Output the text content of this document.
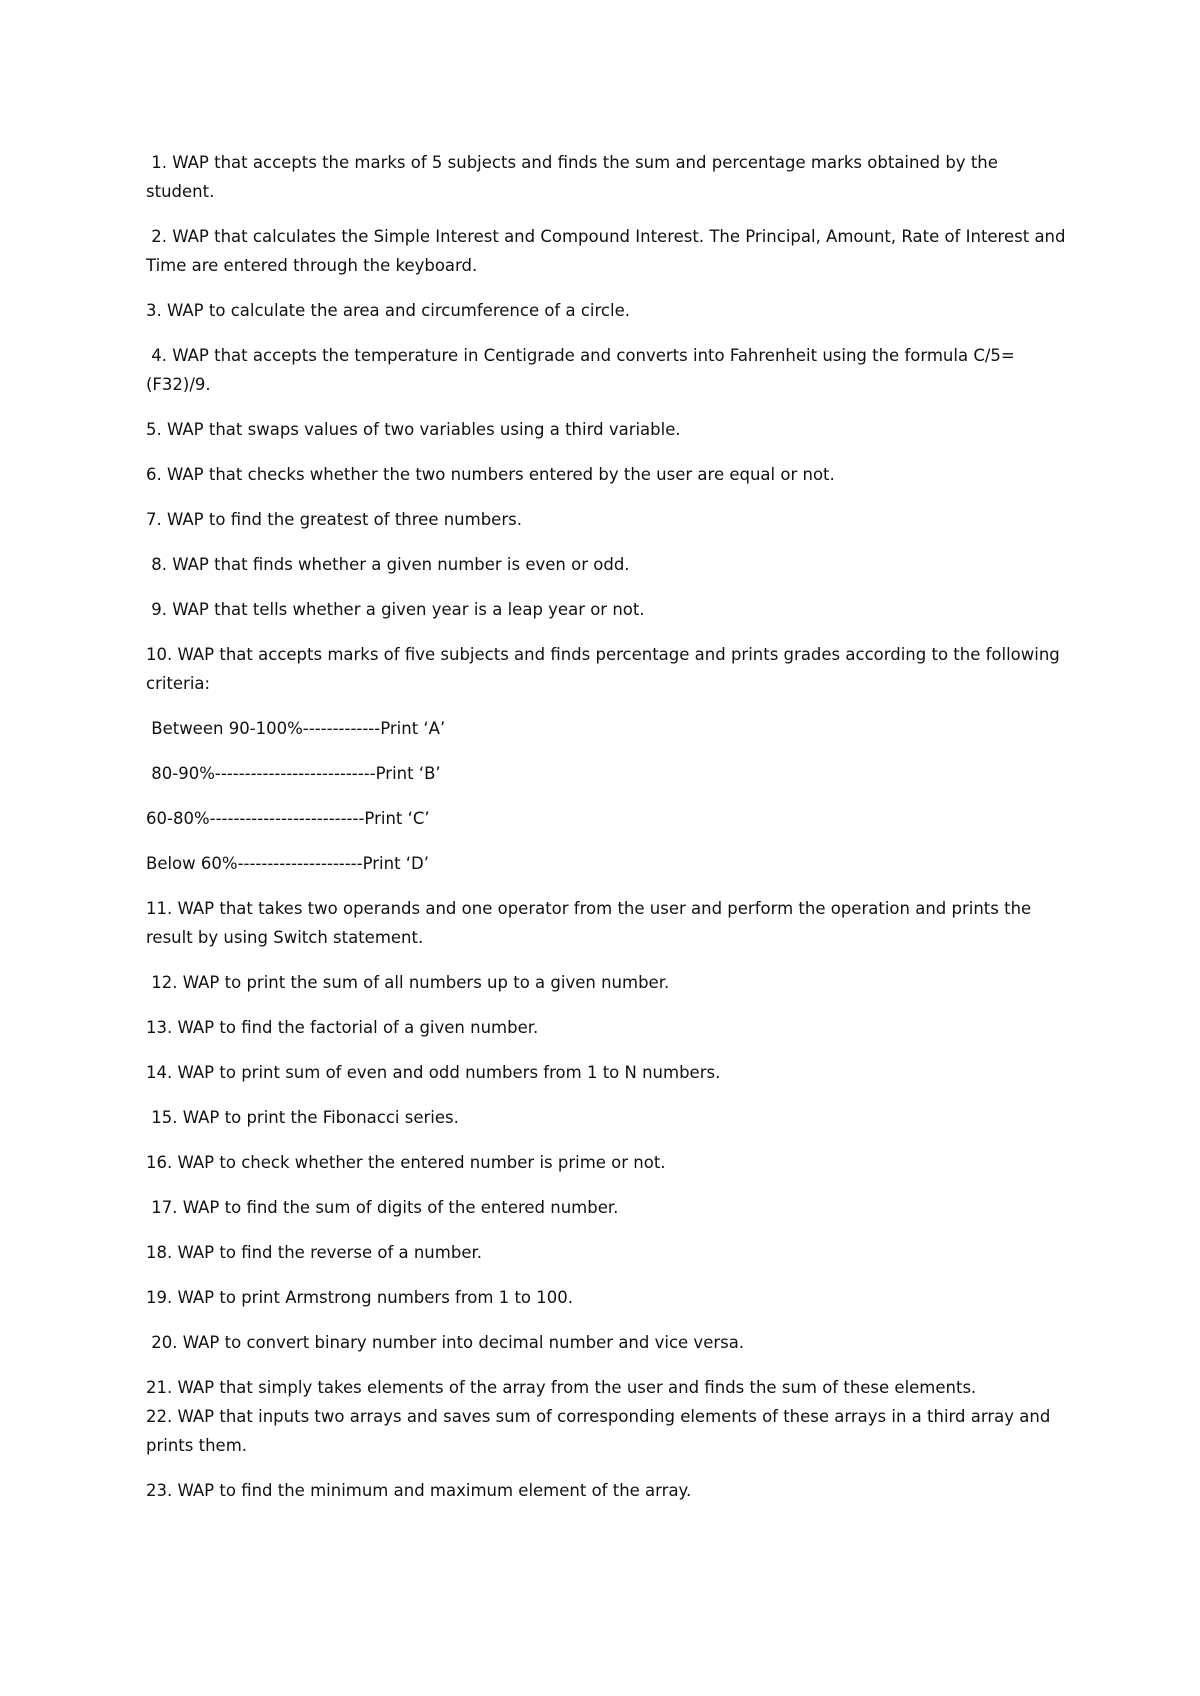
1. WAP that accepts the marks of 5 subjects and finds the sum and percentage marks obtained by the student.

2. WAP that calculates the Simple Interest and Compound Interest. The Principal, Amount, Rate of Interest and Time are entered through the keyboard.

3. WAP to calculate the area and circumference of a circle.

4. WAP that accepts the temperature in Centigrade and converts into Fahrenheit using the formula C/5=(F32)/9.

5. WAP that swaps values of two variables using a third variable.

6. WAP that checks whether the two numbers entered by the user are equal or not.

7. WAP to find the greatest of three numbers.

8. WAP that finds whether a given number is even or odd.

9. WAP that tells whether a given year is a leap year or not.

10. WAP that accepts marks of five subjects and finds percentage and prints grades according to the following criteria:

Between 90-100%-------------Print ‘A’

80-90%---------------------------Print ‘B’

60-80%--------------------------Print ‘C’

Below 60%---------------------Print ‘D’

11. WAP that takes two operands and one operator from the user and perform the operation and prints the result by using Switch statement.

12. WAP to print the sum of all numbers up to a given number.

13. WAP to find the factorial of a given number.

14. WAP to print sum of even and odd numbers from 1 to N numbers.

15. WAP to print the Fibonacci series.

16. WAP to check whether the entered number is prime or not.

17. WAP to find the sum of digits of the entered number.

18. WAP to find the reverse of a number.

19. WAP to print Armstrong numbers from 1 to 100.

20. WAP to convert binary number into decimal number and vice versa.

21. WAP that simply takes elements of the array from the user and finds the sum of these elements.

22. WAP that inputs two arrays and saves sum of corresponding elements of these arrays in a third array and prints them.

23. WAP to find the minimum and maximum element of the array.
